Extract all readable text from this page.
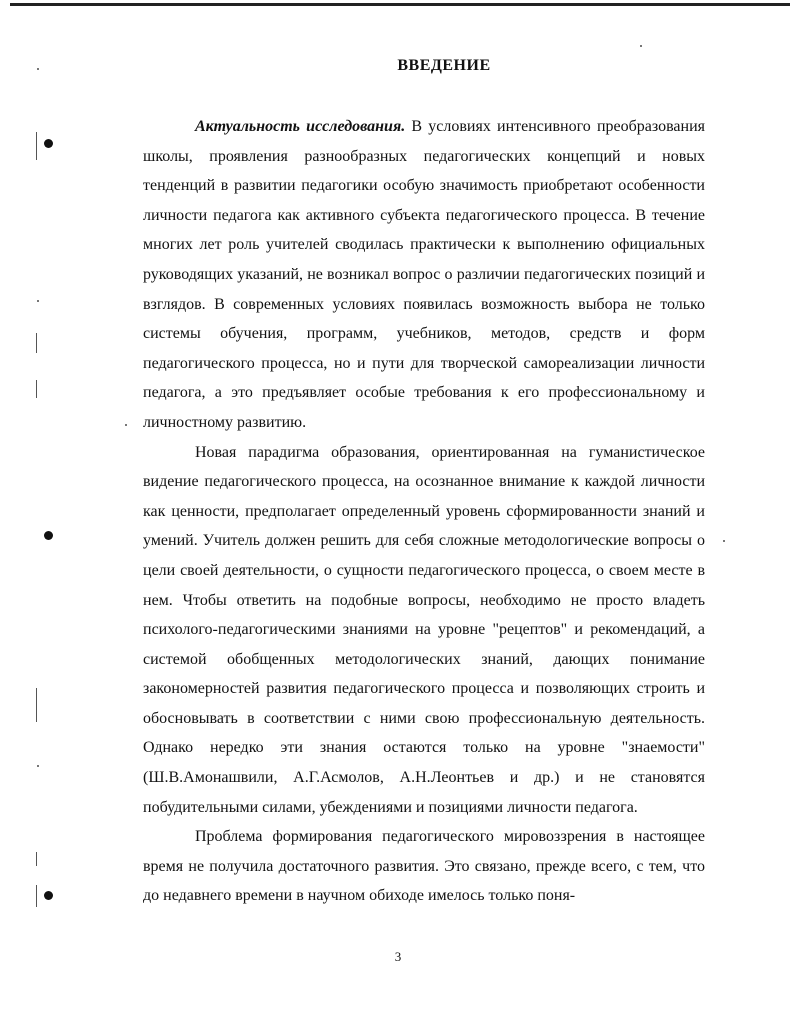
ВВЕДЕНИЕ

Актуальность исследования. В условиях интенсивного преобразования школы, проявления разнообразных педагогических концепций и новых тенденций в развитии педагогики особую значимость приобретают особенности личности педагога как активного субъекта педагогического процесса. В течение многих лет роль учителей сводилась практически к выполнению официальных руководящих указаний, не возникал вопрос о различии педагогических позиций и взглядов. В современных условиях появилась возможность выбора не только системы обучения, программ, учебников, методов, средств и форм педагогического процесса, но и пути для творческой самореализации личности педагога, а это предъявляет особые требования к его профессиональному и личностному развитию.

Новая парадигма образования, ориентированная на гуманистическое видение педагогического процесса, на осознанное внимание к каждой личности как ценности, предполагает определенный уровень сформированности знаний и умений. Учитель должен решить для себя сложные методологические вопросы о цели своей деятельности, о сущности педагогического процесса, о своем месте в нем. Чтобы ответить на подобные вопросы, необходимо не просто владеть психолого-педагогическими знаниями на уровне "рецептов" и рекомендаций, а системой обобщенных методологических знаний, дающих понимание закономерностей развития педагогического процесса и позволяющих строить и обосновывать в соответствии с ними свою профессиональную деятельность. Однако нередко эти знания остаются только на уровне "знаемости" (Ш.В.Амонашвили, А.Г.Асмолов, А.Н.Леонтьев и др.) и не становятся побудительными силами, убеждениями и позициями личности педагога.

Проблема формирования педагогического мировоззрения в настоящее время не получила достаточного развития. Это связано, прежде всего, с тем, что до недавнего времени в научном обиходе имелось только поня-

3
